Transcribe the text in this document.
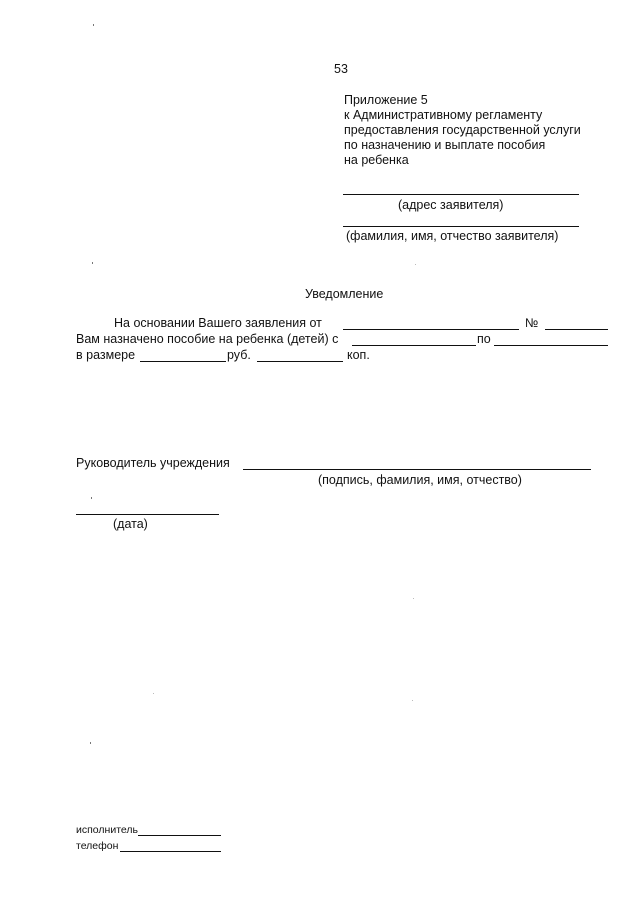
53
Приложение 5
к Административному регламенту
предоставления государственной услуги
по назначению и выплате пособия
на ребенка
(адрес заявителя)
(фамилия, имя, отчество заявителя)
Уведомление
На основании Вашего заявления от	№
Вам назначено пособие на ребенка (детей) с	по
в размере	руб.	коп.
Руководитель учреждения
(подпись, фамилия, имя, отчество)
(дата)
исполнитель
телефон
